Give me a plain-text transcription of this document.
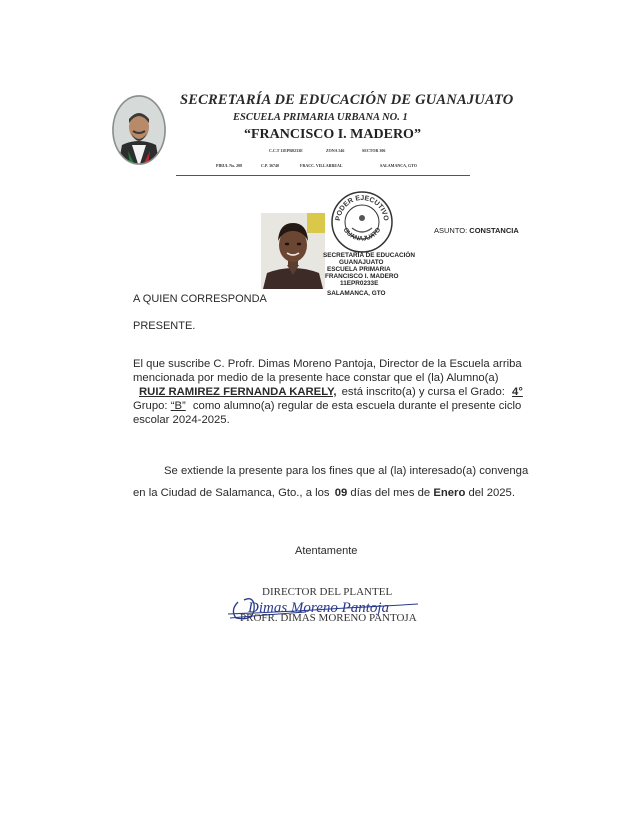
SECRETARÍA DE EDUCACIÓN DE GUANAJUATO
ESCUELA PRIMARIA URBANA NO. 1
“FRANCISCO I. MADERO”
C.C.T 11EPR0233E	ZONA 546	SECTOR 306
PIRUL No. 208	C.P. 36740	FRACC. VILLARREAL	SALAMANCA, GTO
PODER EJECUTIVO
GUANAJUATO
SECRETARÍA DE EDUCACIÓN
GUANAJUATO
ESCUELA PRIMARIA
FRANCISCO I. MADERO
11EPR0233E
SALAMANCA, GTO
ASUNTO: CONSTANCIA
A QUIEN CORRESPONDA
PRESENTE.
El que suscribe C. Profr. Dimas Moreno Pantoja, Director de la Escuela arriba
mencionada por medio de la presente hace constar que el (la) Alumno(a)
RUIZ RAMIREZ FERNANDA KARELY, está inscrito(a) y cursa el Grado: 4°
Grupo: “B” como alumno(a) regular de esta escuela durante el presente ciclo
escolar 2024-2025.
Se extiende la presente para los fines que al (la) interesado(a) convenga
en la Ciudad de Salamanca, Gto., a los 09 días del mes de Enero del 2025.
Atentamente
DIRECTOR DEL PLANTEL
PROFR. DIMAS MORENO PANTOJA
Dimas Moreno Pantoja
